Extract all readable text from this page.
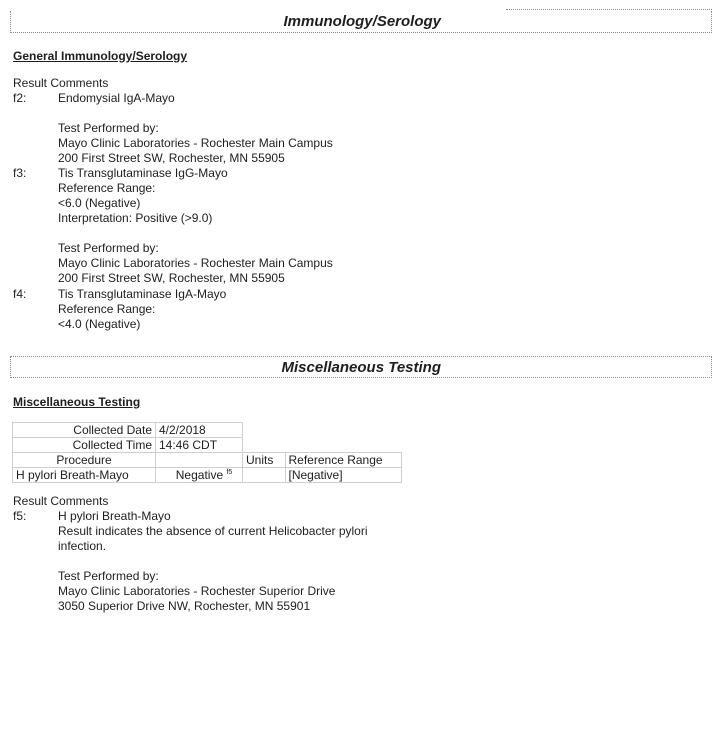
Immunology/Serology
General Immunology/Serology
Result Comments
f2:	Endomysial IgA-Mayo
Test Performed by:
Mayo Clinic Laboratories - Rochester Main Campus
200 First Street SW, Rochester, MN 55905
f3:	Tis Transglutaminase IgG-Mayo
Reference Range:
<6.0 (Negative)
Interpretation: Positive (>9.0)
Test Performed by:
Mayo Clinic Laboratories - Rochester Main Campus
200 First Street SW, Rochester, MN 55905
f4:	Tis Transglutaminase IgA-Mayo
Reference Range:
<4.0 (Negative)
Miscellaneous Testing
Miscellaneous Testing
Collected Date	4/2/2018		
Collected Time	14:46 CDT		
Procedure		Units	Reference Range
H pylori Breath-Mayo	Negative $^{f5}$		[Negative]
Result Comments
f5:	H pylori Breath-Mayo
Result indicates the absence of current Helicobacter pylori
infection.
Test Performed by:
Mayo Clinic Laboratories - Rochester Superior Drive
3050 Superior Drive NW, Rochester, MN 55901
